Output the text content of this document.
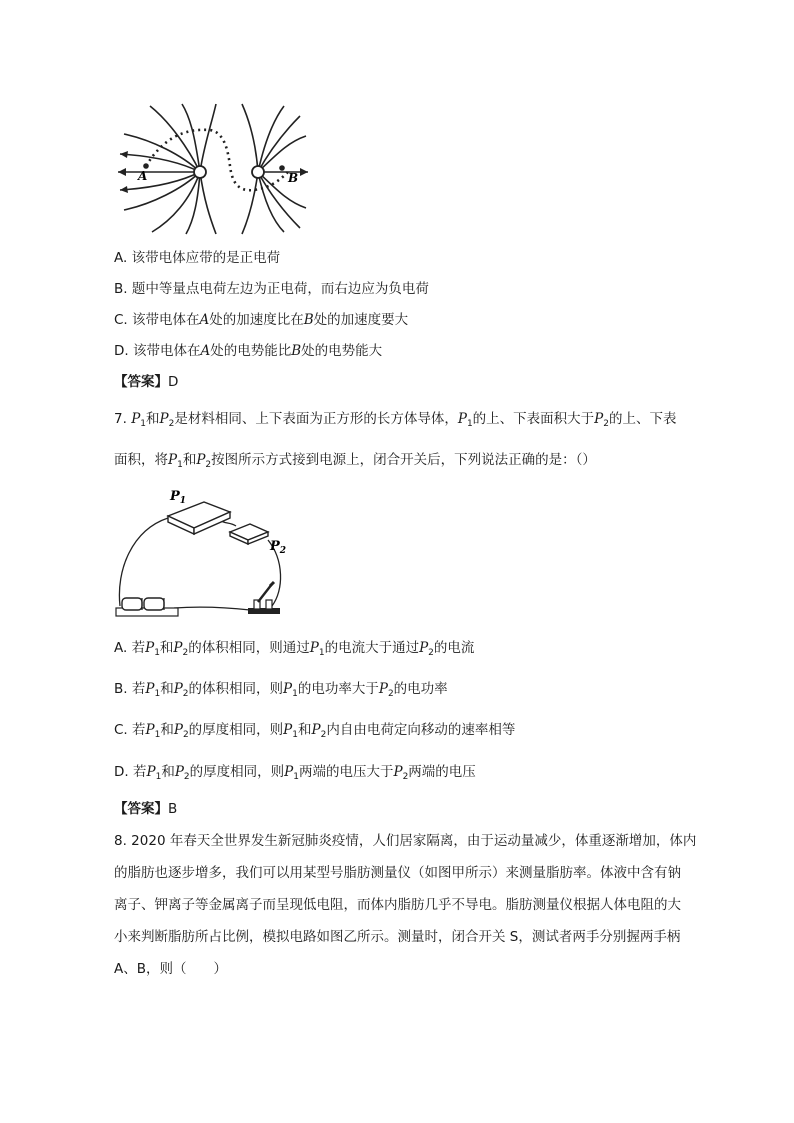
A	B
A. 该带电体应带的是正电荷
B. 题中等量点电荷左边为正电荷，而右边应为负电荷
C. 该带电体在A处的加速度比在B处的加速度要大
D. 该带电体在A处的电势能比B处的电势能大
【答案】D
7. $P_1$和$P_2$是材料相同、上下表面为正方形的长方体导体，$P_1$的上、下表面积大于$P_2$的上、下表
面积，将$P_1$和$P_2$按图所示方式接到电源上，闭合开关后，下列说法正确的是：（）
$P_1$
$P_2$
A. 若$P_1$和$P_2$的体积相同，则通过$P_1$的电流大于通过$P_2$的电流
B. 若$P_1$和$P_2$的体积相同，则$P_1$的电功率大于$P_2$的电功率
C. 若$P_1$和$P_2$的厚度相同，则$P_1$和$P_2$内自由电荷定向移动的速率相等
D. 若$P_1$和$P_2$的厚度相同，则$P_1$两端的电压大于$P_2$两端的电压
【答案】B
8. 2020 年春天全世界发生新冠肺炎疫情，人们居家隔离，由于运动量减少，体重逐渐增加，体内
的脂肪也逐步增多，我们可以用某型号脂肪测量仪（如图甲所示）来测量脂肪率。体液中含有钠
离子、钾离子等金属离子而呈现低电阻，而体内脂肪几乎不导电。脂肪测量仪根据人体电阻的大
小来判断脂肪所占比例，模拟电路如图乙所示。测量时，闭合开关 S，测试者两手分别握两手柄
A、B，则（　　）
